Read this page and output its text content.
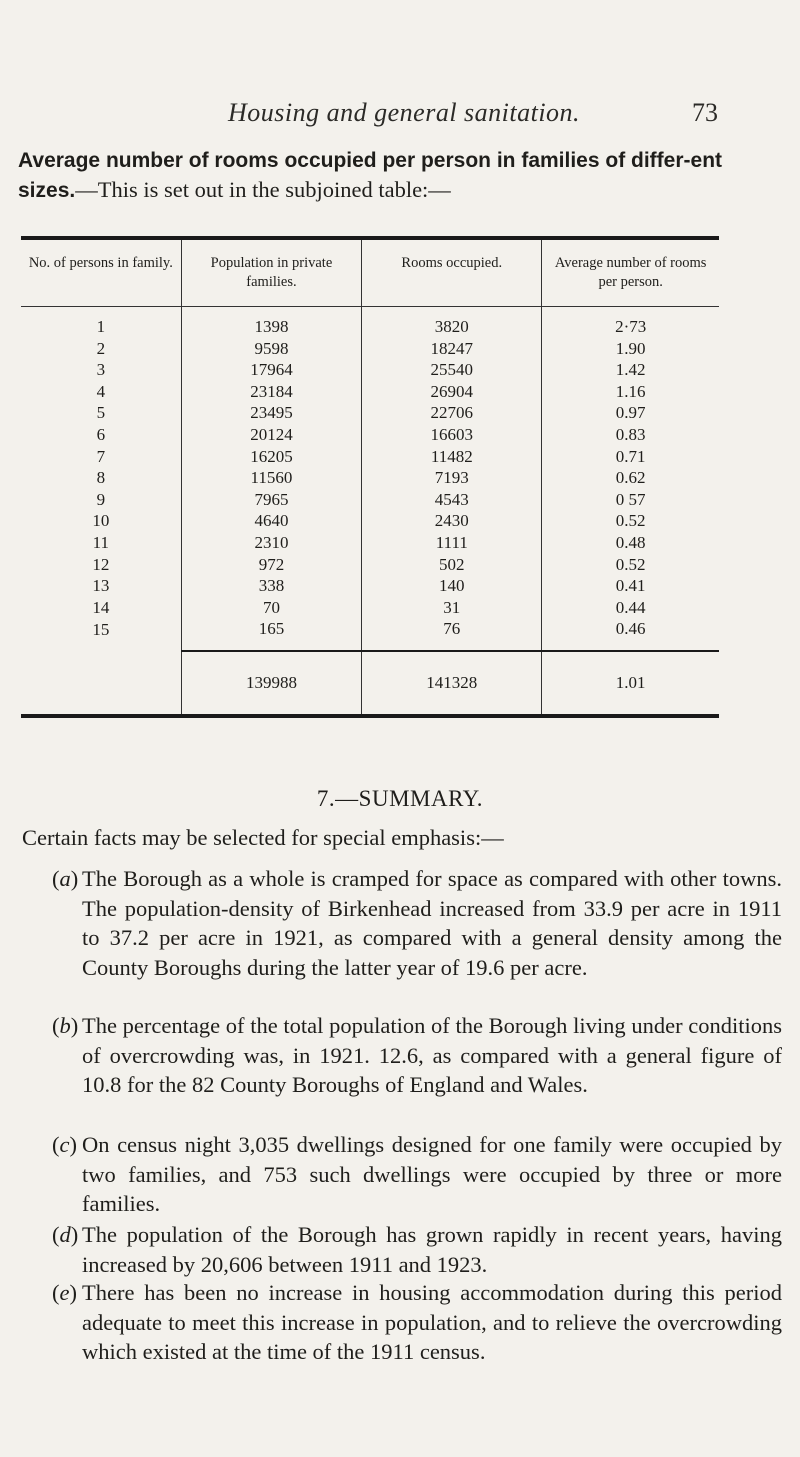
Housing and general sanitation.	73
Average number of rooms occupied per person in families of differ-ent sizes.—This is set out in the subjoined table:—
No. of persons in family.	Population in private families.	Rooms occupied.	Average number of rooms per person.
1	1398	3820	2·73
2	9598	18247	1.90
3	17964	25540	1.42
4	23184	26904	1.16
5	23495	22706	0.97
6	20124	16603	0.83
7	16205	11482	0.71
8	11560	7193	0.62
9	7965	4543	0 57
10	4640	2430	0.52
11	2310	1111	0.48
12	972	502	0.52
13	338	140	0.41
14	70	31	0.44
15	165	76	0.46
	139988	141328	1.01
7.—SUMMARY.
Certain facts may be selected for special emphasis:—
(a) The Borough as a whole is cramped for space as compared with other towns. The population-density of Birkenhead increased from 33.9 per acre in 1911 to 37.2 per acre in 1921, as compared with a general density among the County Boroughs during the latter year of 19.6 per acre.
(b) The percentage of the total population of the Borough living under conditions of overcrowding was, in 1921. 12.6, as compared with a general figure of 10.8 for the 82 County Boroughs of England and Wales.
(c) On census night 3,035 dwellings designed for one family were occupied by two families, and 753 such dwellings were occupied by three or more families.
(d) The population of the Borough has grown rapidly in recent years, having increased by 20,606 between 1911 and 1923.
(e) There has been no increase in housing accommodation during this period adequate to meet this increase in population, and to relieve the overcrowding which existed at the time of the 1911 census.
